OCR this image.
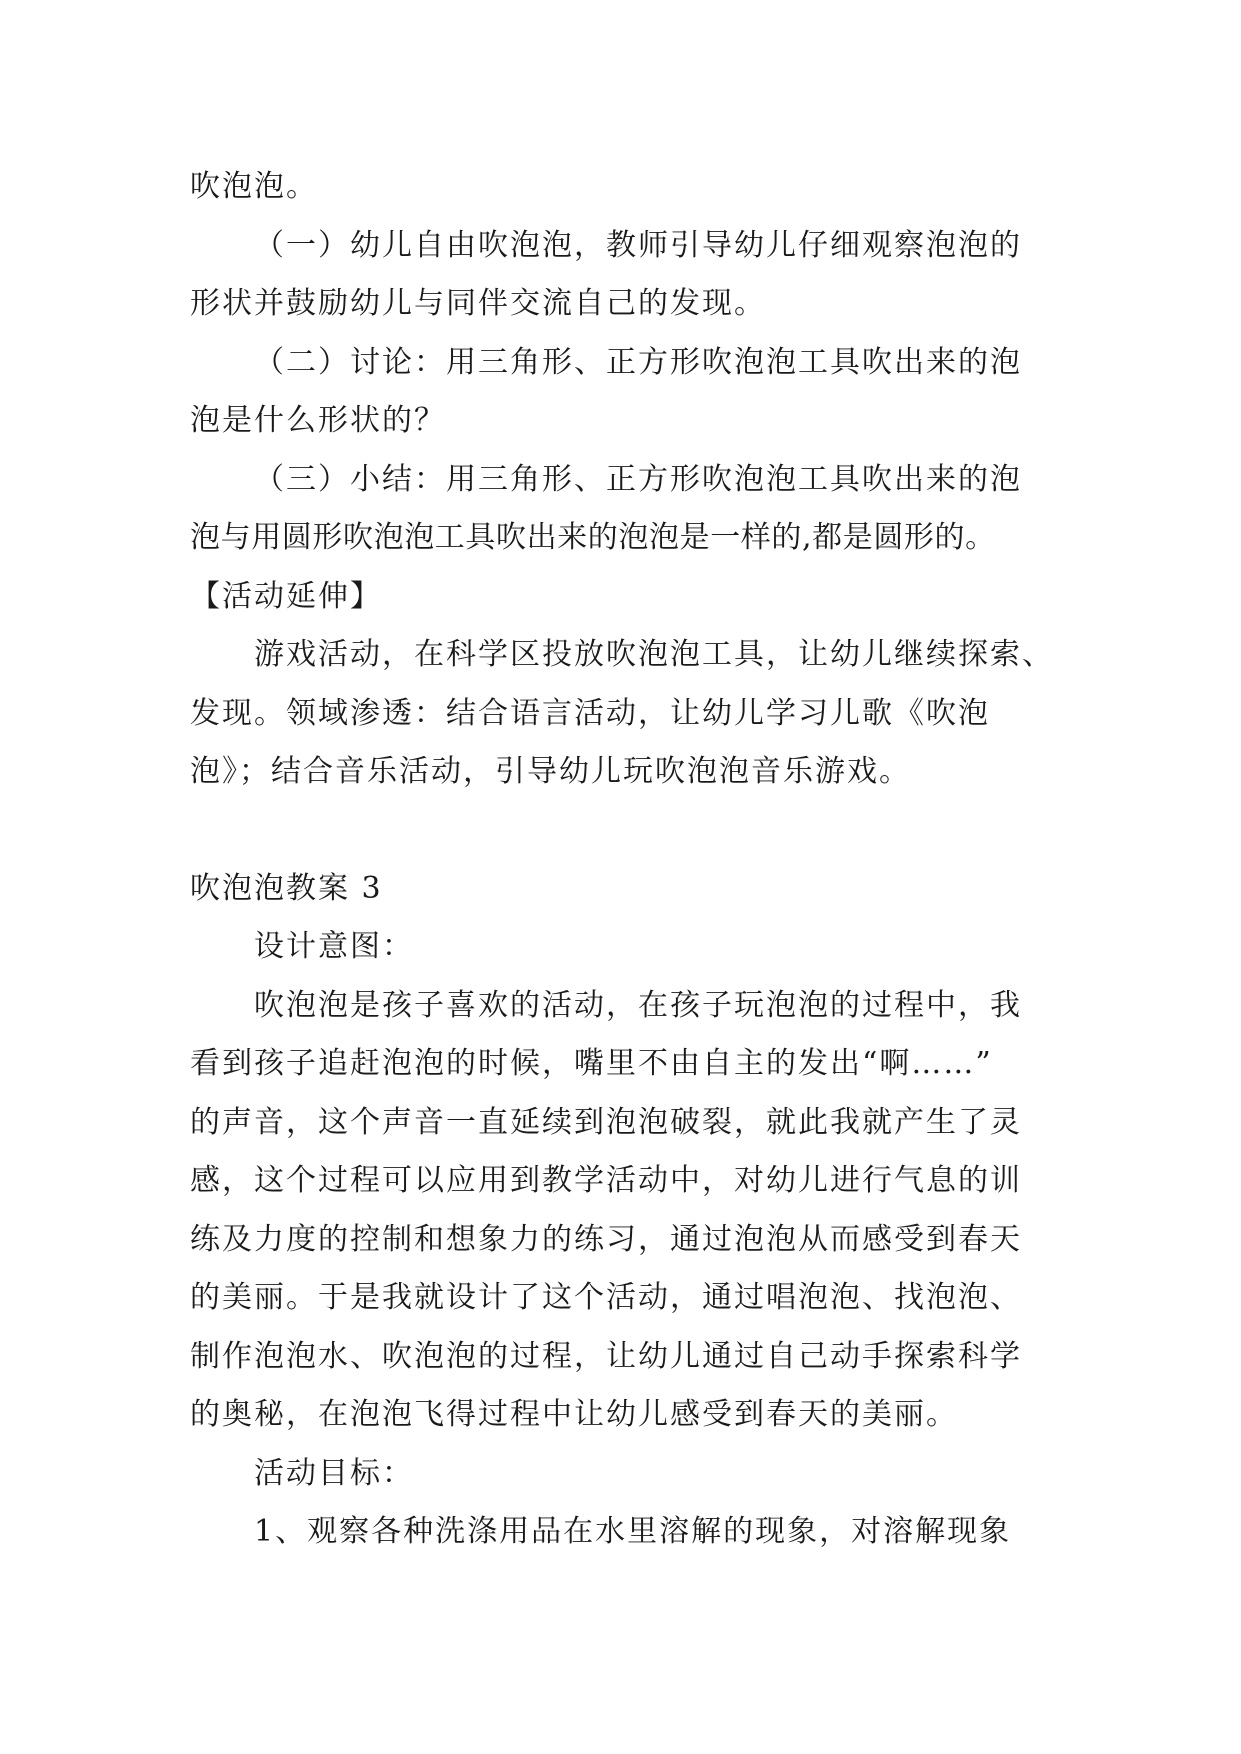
吹泡泡。
（一）幼儿自由吹泡泡，教师引导幼儿仔细观察泡泡的
形状并鼓励幼儿与同伴交流自己的发现。
（二）讨论：用三角形、正方形吹泡泡工具吹出来的泡
泡是什么形状的？
（三）小结：用三角形、正方形吹泡泡工具吹出来的泡
泡与用圆形吹泡泡工具吹出来的泡泡是一样的,都是圆形的。
【活动延伸】
游戏活动，在科学区投放吹泡泡工具，让幼儿继续探索、
发现。领域渗透：结合语言活动，让幼儿学习儿歌《吹泡
泡》；结合音乐活动，引导幼儿玩吹泡泡音乐游戏。
吹泡泡教案 3
设计意图：
吹泡泡是孩子喜欢的活动，在孩子玩泡泡的过程中，我
看到孩子追赶泡泡的时候，嘴里不由自主的发出“啊……”
的声音，这个声音一直延续到泡泡破裂，就此我就产生了灵
感，这个过程可以应用到教学活动中，对幼儿进行气息的训
练及力度的控制和想象力的练习，通过泡泡从而感受到春天
的美丽。于是我就设计了这个活动，通过唱泡泡、找泡泡、
制作泡泡水、吹泡泡的过程，让幼儿通过自己动手探索科学
的奥秘，在泡泡飞得过程中让幼儿感受到春天的美丽。
活动目标：
1、观察各种洗涤用品在水里溶解的现象，对溶解现象
